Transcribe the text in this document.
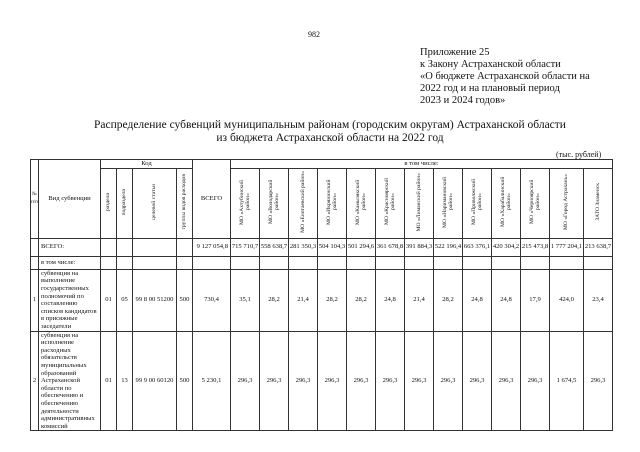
982
Приложение 25
к Закону Астраханской области
«О бюджете Астраханской области на
2022 год и на плановый период
2023 и 2024 годов»
Распределение субвенций муниципальным районам (городским округам) Астраханской области
из бюджета Астраханской области на 2022 год
(тыс. рублей)
№ п/п	Вид субвенции	Код				ВСЕГО	в том числе:												
		раздела	подраздела	целевой статьи	группы видов расходов		МО «Ахтубинский район»	МО «Володарский район»	МО «Енотаевский район»	МО «Икрянинский район»	МО «Камызякский район»	МО «Красноярский район»	МО «Лиманский район»	МО «Наримановский район»	МО «Приволжский район»	МО «Харабалинский район»	МО «Черноярский район»	МО «Город Астрахань»	ЗАТО Знаменск
	ВСЕГО:					9 127 054,8	715 710,7	558 638,7	281 350,3	504 104,3	501 294,6	361 678,8	391 884,3	522 196,4	663 376,1	420 304,2	215 473,8	1 777 204,1	213 638,7
	в том числе:																		
1	субвенция на выполнение государственных полномочий по составлению списков кандидатов в присяжные заседатели	01	05	99 8 00 51200	500	730,4	35,1	28,2	21,4	28,2	28,2	24,8	21,4	28,2	24,8	24,8	17,9	424,0	23,4
2	субвенция на исполнение расходных обязательств муниципальных образований Астраханской области по обеспечению и обеспечению деятельности административных комиссий	01	13	99 9 00 60120	500	5 230,1	296,3	296,3	296,3	296,3	296,3	296,3	296,3	296,3	296,3	296,3	296,3	1 674,5	296,3
